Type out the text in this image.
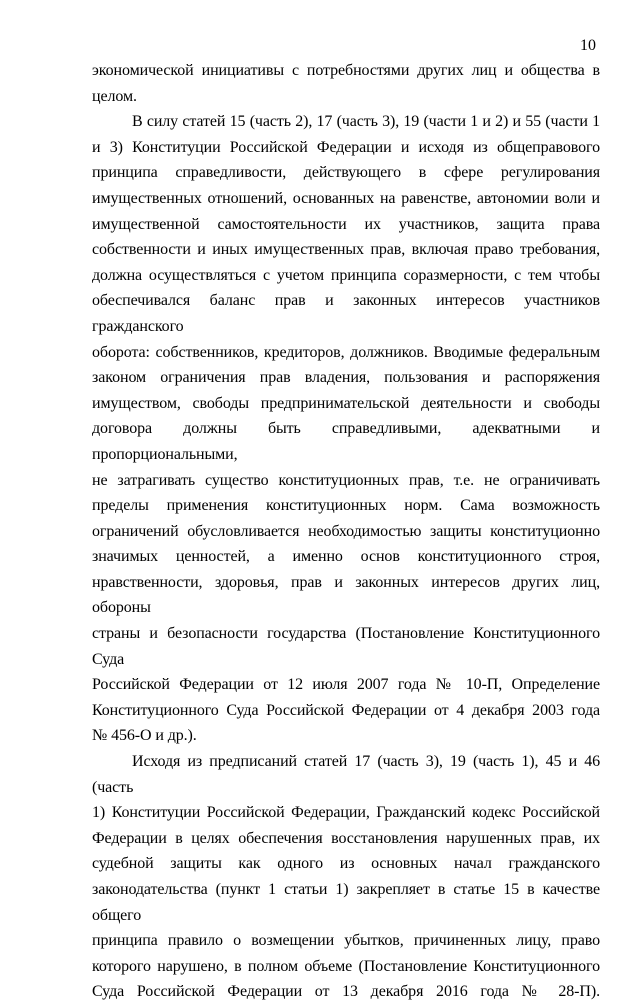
10
экономической инициативы с потребностями других лиц и общества в
целом.
В силу статей 15 (часть 2), 17 (часть 3), 19 (части 1 и 2) и 55 (части 1
и 3) Конституции Российской Федерации и исходя из общеправового
принципа справедливости, действующего в сфере регулирования
имущественных отношений, основанных на равенстве, автономии воли и
имущественной самостоятельности их участников, защита права
собственности и иных имущественных прав, включая право требования,
должна осуществляться с учетом принципа соразмерности, с тем чтобы
обеспечивался баланс прав и законных интересов участников гражданского
оборота: собственников, кредиторов, должников. Вводимые федеральным
законом ограничения прав владения, пользования и распоряжения
имуществом, свободы предпринимательской деятельности и свободы
договора должны быть справедливыми, адекватными и пропорциональными,
не затрагивать существо конституционных прав, т.е. не ограничивать
пределы применения конституционных норм. Сама возможность
ограничений обусловливается необходимостью защиты конституционно
значимых ценностей, а именно основ конституционного строя,
нравственности, здоровья, прав и законных интересов других лиц, обороны
страны и безопасности государства (Постановление Конституционного Суда
Российской Федерации от 12 июля 2007 года № 10-П, Определение
Конституционного Суда Российской Федерации от 4 декабря 2003 года
№ 456-О и др.).
Исходя из предписаний статей 17 (часть 3), 19 (часть 1), 45 и 46 (часть
1) Конституции Российской Федерации, Гражданский кодекс Российской
Федерации в целях обеспечения восстановления нарушенных прав, их
судебной защиты как одного из основных начал гражданского
законодательства (пункт 1 статьи 1) закрепляет в статье 15 в качестве общего
принципа правило о возмещении убытков, причиненных лицу, право
которого нарушено, в полном объеме (Постановление Конституционного
Суда Российской Федерации от 13 декабря 2016 года № 28-П).
